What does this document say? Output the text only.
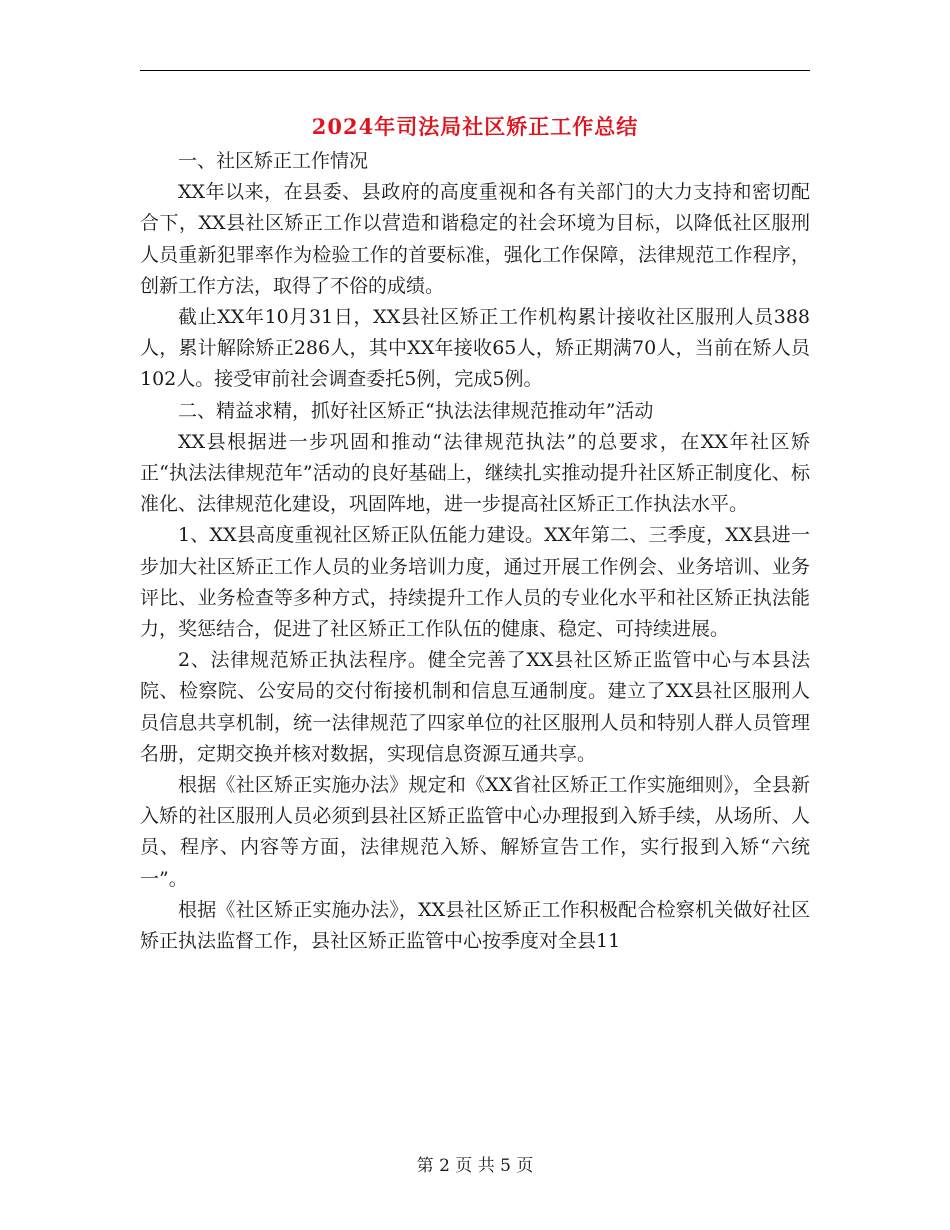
2024年司法局社区矫正工作总结

一、社区矫正工作情况

XX年以来，在县委、县政府的高度重视和各有关部门的大力支持和密切配合下，XX县社区矫正工作以营造和谐稳定的社会环境为目标，以降低社区服刑人员重新犯罪率作为检验工作的首要标准，强化工作保障，法律规范工作程序，创新工作方法，取得了不俗的成绩。

截止XX年10月31日，XX县社区矫正工作机构累计接收社区服刑人员388人，累计解除矫正286人，其中XX年接收65人，矫正期满70人，当前在矫人员102人。接受审前社会调查委托5例，完成5例。

二、精益求精，抓好社区矫正“执法法律规范推动年”活动

XX县根据进一步巩固和推动“法律规范执法”的总要求，在XX年社区矫正“执法法律规范年”活动的良好基础上，继续扎实推动提升社区矫正制度化、标准化、法律规范化建设，巩固阵地，进一步提高社区矫正工作执法水平。

1、XX县高度重视社区矫正队伍能力建设。XX年第二、三季度，XX县进一步加大社区矫正工作人员的业务培训力度，通过开展工作例会、业务培训、业务评比、业务检查等多种方式，持续提升工作人员的专业化水平和社区矫正执法能力，奖惩结合，促进了社区矫正工作队伍的健康、稳定、可持续进展。

2、法律规范矫正执法程序。健全完善了XX县社区矫正监管中心与本县法院、检察院、公安局的交付衔接机制和信息互通制度。建立了XX县社区服刑人员信息共享机制，统一法律规范了四家单位的社区服刑人员和特别人群人员管理名册，定期交换并核对数据，实现信息资源互通共享。

根据《社区矫正实施办法》规定和《XX省社区矫正工作实施细则》，全县新入矫的社区服刑人员必须到县社区矫正监管中心办理报到入矫手续，从场所、人员、程序、内容等方面，法律规范入矫、解矫宣告工作，实行报到入矫“六统一”。

根据《社区矫正实施办法》，XX县社区矫正工作积极配合检察机关做好社区矫正执法监督工作，县社区矫正监管中心按季度对全县11

第 2 页 共 5 页
